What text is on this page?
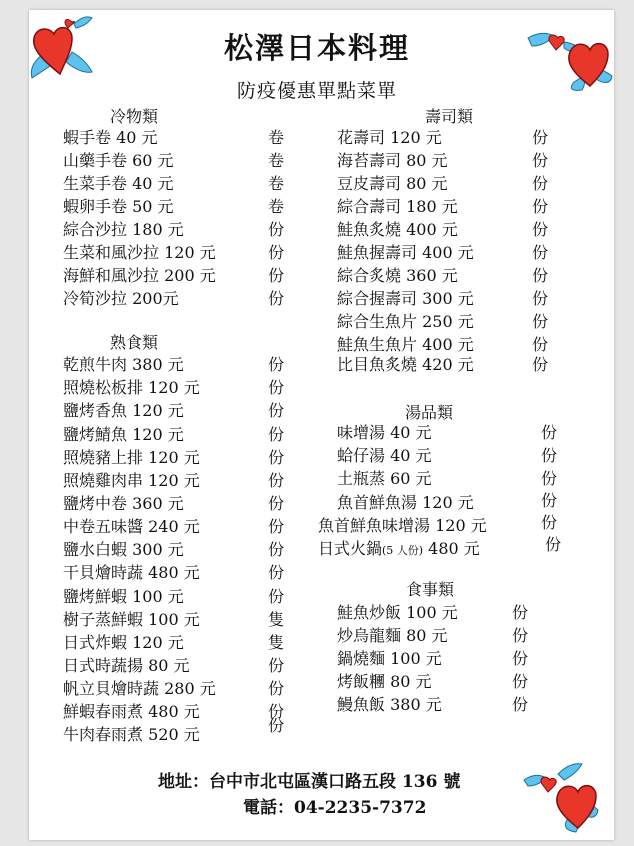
松澤日本料理
防疫優惠單點菜單
冷物類
熟食類
壽司類
湯品類
食事類
蝦手卷 40 元	卷
山藥手卷 60 元	卷
生菜手卷 40 元	卷
蝦卵手卷 50 元	卷
綜合沙拉 180 元	份
生菜和風沙拉 120 元	份
海鮮和風沙拉 200 元	份
冷筍沙拉 200元	份
乾煎牛肉 380 元	份
照燒松板排 120 元	份
鹽烤香魚 120 元	份
鹽烤鯖魚 120 元	份
照燒豬上排 120 元	份
照燒雞肉串 120 元	份
鹽烤中卷 360 元	份
中卷五味醬 240 元	份
鹽水白蝦 300 元	份
干貝燴時蔬 480 元	份
鹽烤鮮蝦 100 元	份
樹子蒸鮮蝦 100 元	隻
日式炸蝦 120 元	隻
日式時蔬揚 80 元	份
帆立貝燴時蔬 280 元	份
鮮蝦春雨煮 480 元	份
牛肉春雨煮 520 元	份
花壽司 120 元	份
海苔壽司 80 元	份
豆皮壽司 80 元	份
綜合壽司 180 元	份
鮭魚炙燒 400 元	份
鮭魚握壽司 400 元	份
綜合炙燒 360 元	份
綜合握壽司 300 元	份
綜合生魚片 250 元	份
鮭魚生魚片 400 元	份
比目魚炙燒 420 元	份
味增湯 40 元	份
蛤仔湯 40 元	份
土瓶蒸 60 元	份
魚首鮮魚湯 120 元	份
魚首鮮魚味增湯 120 元	份
日式火鍋(5 人份) 480 元	份
鮭魚炒飯 100 元	份
炒烏龍麵 80 元	份
鍋燒麵 100 元	份
烤飯糰 80 元	份
鰻魚飯 380 元	份
地址：台中市北屯區漢口路五段 136 號
電話：04-2235-7372
